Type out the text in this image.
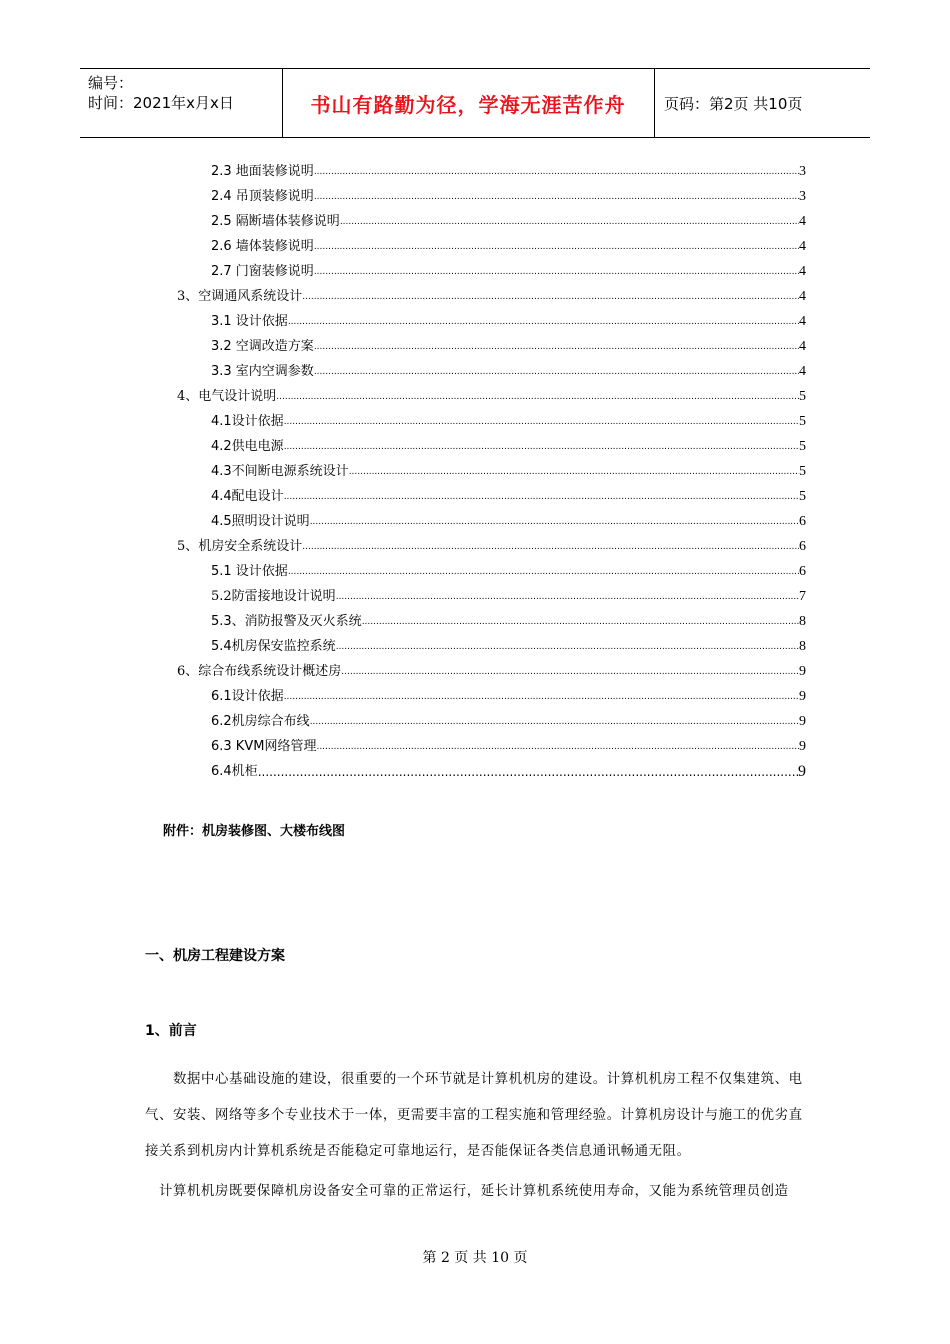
编号：
时间：2021年x月x日	书山有路勤为径，学海无涯苦作舟	页码：第2页 共10页
2.3 地面装修说明 .....	3
2.4 吊顶装修说明 .....	3
2.5 隔断墙体装修说明 .....	4
2.6 墙体装修说明 .....	4
2.7 门窗装修说明 .....	4
3、空调通风系统设计 .....	4
3.1 设计依据 .....	4
3.2 空调改造方案 .....	4
3.3 室内空调参数 .....	4
4、电气设计说明 .....	5
4.1设计依据 .....	5
4.2供电电源 .....	5
4.3不间断电源系统设计 .....	5
4.4配电设计 .....	5
4.5照明设计说明 .....	6
5、机房安全系统设计 .....	6
5.1 设计依据 .....	6
5.2防雷接地设计说明 .....	7
5.3、消防报警及灭火系统 .....	8
5.4机房保安监控系统 .....	8
6、综合布线系统设计概述房 .....	9
6.1设计依据 .....	9
6.2机房综合布线 .....	9
6.3 KVM网络管理 .....	9
6.4机柜 .....	9
附件：机房装修图、大楼布线图
一、机房工程建设方案
1、前言

数据中心基础设施的建设，很重要的一个环节就是计算机机房的建设。计算机机房工程不仅集建筑、电气、安装、网络等多个专业技术于一体，更需要丰富的工程实施和管理经验。计算机房设计与施工的优劣直接关系到机房内计算机系统是否能稳定可靠地运行，是否能保证各类信息通讯畅通无阻。

计算机机房既要保障机房设备安全可靠的正常运行，延长计算机系统使用寿命，又能为系统管理员创造

第 2 页 共 10 页
